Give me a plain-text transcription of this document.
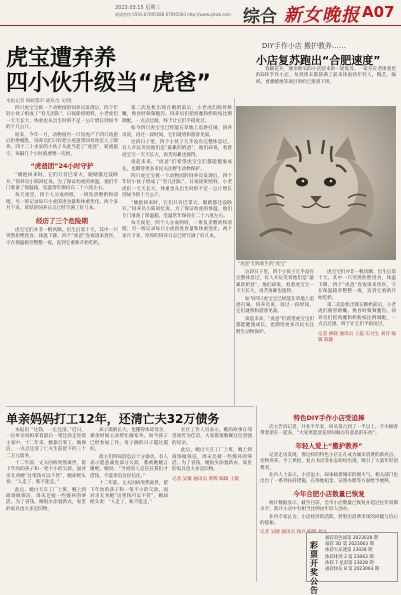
2023.03.15 星期三
新闻热线 0591-87095588 87095000 http://www.qhwb.com 综合 新女晚报 A07
虎宝遭弃养
四小伙升级当“虎爸”
本报记者 海峡都市 通讯员 文/图
“虎爸”们和新生的“虎宝”

四只虎宝宝被一个动物园的饲养员发现后，四个年轻小伙子组成了“育儿团队”，日夜轮班照料，小老虎们一天天长大，体重也从出生时的不足一公斤增长到如今的十几公斤。

原来，今年一月，动物园内一只母虎产下四只幼崽后拒绝哺乳，饲养员们只好把小虎崽带回育幼室人工喂养。四个二十多岁的小伙子从此当起了“虎爸”，轮流值守，每隔几个小时就要喂一次奶。

“虎爸团”24小时守护

“刚抱回来时，它们只有巴掌大，眼睛都还没睁开。”饲养员小陈回忆说。为了保证幼虎的体温，他们专门准备了保温箱，室温常年保持在二十六度左右。

每天夜里，四个人分成两班，一班负责喂奶和清理，另一班记录每只小虎的进食量和体重变化。两个多月下来，厚厚的饲养日志已经写满了好几本。

经历了三个危险期

虎宝宝们并非一帆风顺。出生后第十天，其中一只突然拒绝进食，体温下降，四个“虎爸”连夜请来兽医，守在保温箱旁整整一夜，直到它重新开始吃奶。

第二次危机出现在断奶前后，小老虎们肠胃娇嫩，换食时频频腹泻。饲养员们把肉糜和奶粉按比例调配，一点点过渡，终于让它们平稳度过。

如今四只虎宝宝已经能在草地上追逐打闹，饲养员说，再过一段时间，它们就将和游客见面。

这段日子里，四个小伙子几乎没有完整休息过。有人开玩笑说他们是“最累的奶爸”，他们却说，看着虎宝宝一天天长大，再苦再累也值得。

谈起未来，“虎爸”们希望虎宝宝们都能健康成长，也期待更多市民关注野生动物保护。

四只虎宝宝被一个动物园的饲养员发现后，四个年轻小伙子组成了“育儿团队”，日夜轮班照料，小老虎们一天天长大，体重也从出生时的不足一公斤增长到如今的十几公斤。

“刚抱回来时，它们只有巴掌大，眼睛都还没睁开。”饲养员小陈回忆说。为了保证幼虎的体温，他们专门准备了保温箱，室温常年保持在二十六度左右。

每天夜里，四个人分成两班，一班负责喂奶和清理，另一班记录每只小虎的进食量和体重变化。两个多月下来，厚厚的饲养日志已经写满了好几本。

这段日子里，四个小伙子几乎没有完整休息过。有人开玩笑说他们是“最累的奶爸”，他们却说，看着虎宝宝一天天长大，再苦再累也值得。

如今四只虎宝宝已经能在草地上追逐打闹，饲养员说，再过一段时间，它们就将和游客见面。

谈起未来，“虎爸”们希望虎宝宝们都能健康成长，也期待更多市民关注野生动物保护。

虎宝宝们并非一帆风顺。出生后第十天，其中一只突然拒绝进食，体温下降，四个“虎爸”连夜请来兽医，守在保温箱旁整整一夜，直到它重新开始吃奶。

第二次危机出现在断奶前后，小老虎们肠胃娇嫩，换食时频频腹泻。饲养员们把肉糜和奶粉按比例调配，一点点过渡，终于让它们平稳度过。

记者 林晓 通讯员 王磊 实习生 刘洋 编辑 陈静
DIY手作小店 搬护教养……
小店复苏跑出“合肥速度”

春暖花开，城市街头的小店迎来新一轮复苏。一家开在老街巷里的DIY手作小店，每到周末都挤满了前来体验的年轻人，陶艺、编织、香薰蜡烛等项目预约已排到下周。

单亲妈妈打工12年，还清亡夫32万债务

本报讯 “这钱，一定还清。”近日，一位单亲妈妈拿着最后一笔还款走进债主家中，十二年来，她靠打零工、做保洁，一点点还清了亡夫生前留下的三十二万元债务。

十二年前，丈夫因病突然离世，留下年幼的孩子和一笔不小的欠款。面对亲友劝她“这笔钱可以不管”，她却摇头说：“人走了，账不能走。”

此后，她白天在工厂上班，晚上到商场做保洁，周末还接一些缝补的零活。为了省钱，她很少添置新衣，家里的家具也大多是旧物。

孩子渐渐长大，也懂得体谅母亲，课余时间主动帮忙做家务。如今孩子已经参加工作，母子俩的日子越过越好。

债主们得知消息后十分感动，有人表示愿意减免部分欠款，都被她婉言谢绝。她说：“当初别人是信任我们才借钱，不能辜负这份信任。”

十二年前，丈夫因病突然离世，留下年幼的孩子和一笔不小的欠款。面对亲友劝她“这笔钱可以不管”，她却摇头说：“人走了，账不能走。”

社区工作人员表示，她的故事在邻里间传为佳话，大家都很敬佩这位坚强的母亲。

此后，她白天在工厂上班，晚上到商场做保洁，周末还接一些缝补的零活。为了省钱，她很少添置新衣，家里的家具也大多是旧物。

记者 吴敏 通讯员 黄辉 编辑 王敏
特色DIY手作小店受追捧

店主告诉记者，开业半年来，回头客占到了一半以上，不少顾客带着朋友一起来，“大家更愿意花时间做点有意思的东西”。

年轻人爱上“搬护教养”

记者走访发现，像这样的特色小店正在成为城市消费的新亮点。宠物寄养、手工烘焙、复古书店等业态纷纷出现，吸引了大量年轻消费者。

业内人士表示，小店虽小，却承载着城市的烟火气。相关部门也出台了一系列扶持措施，在场地租金、证照办理等方面给予便利。

今年合肥小店数量已恢复

统计数据显示，截至目前，全市小店数量已恢复并超过往年同期水平，新开小店中有相当比例由年轻人创办。

业内专家认为，小店经济的活跃，折射出消费市场的回暖与信心的提振。

记者 吴晓 通讯员 钱兵 编辑 刘文
彩票开奖公告
福彩双色球第 2023028 期
福彩 3D 第 2023063 期
体彩大乐透第 23028 期
体彩排列 3 第 23063 期
体彩 7 星彩第 23028 期
福彩快乐 8 第 2023063 期
